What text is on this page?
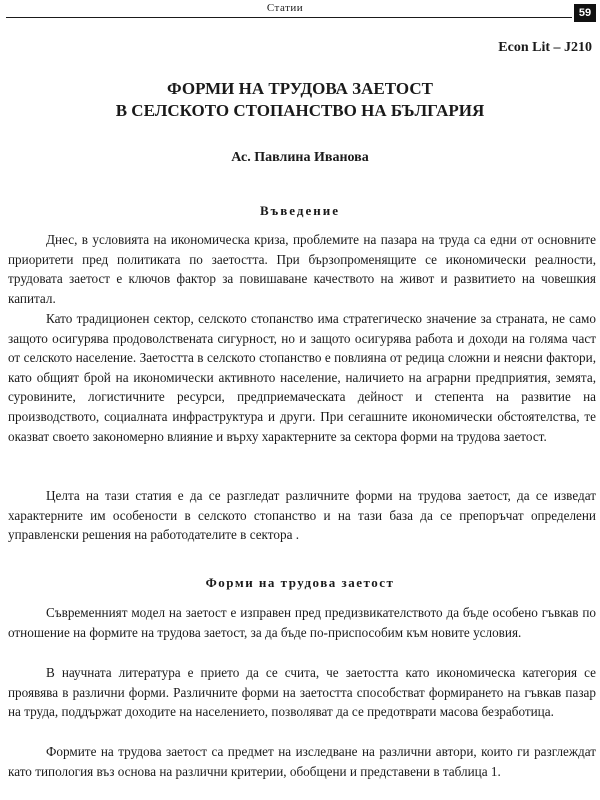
Статии	59
Econ Lit – J210
ФОРМИ НА ТРУДОВА ЗАЕТОСТ
В СЕЛСКОТО СТОПАНСТВО НА БЪЛГАРИЯ
Ас. Павлина Иванова
Въведение

Днес, в условията на икономическа криза, проблемите на пазара на труда са едни от основните приоритети пред политиката по заетостта. При бързопроменящите се икономически реалности, трудовата заетост е ключов фактор за повишаване качеството на живот и развитието на човешкия капитал.

Като традиционен сектор, селското стопанство има стратегическо значение за страната, не само защото осигурява продоволствената сигурност, но и защото осигурява работа и доходи на голяма част от селското население. Заетостта в селското стопанство е повлияна от редица сложни и неясни фактори, като общият брой на икономически активното население, наличието на аграрни предприятия, земята, суровините, логистичните ресурси, предприемаческата дейност и степента на развитие на производството, социалната инфраструктура и други. При сегашните икономически обстоятелства, те оказват своето закономерно влияние и върху характерните за сектора форми на трудова заетост.

Целта на тази статия е да се разгледат различните форми на трудова заетост, да се изведат характерните им особености в селското стопанство и на тази база да се препоръчат определени управленски решения на работодателите в сектора .

Форми на трудова заетост

Съвременният модел на заетост е изправен пред предизвикателството да бъде особено гъвкав по отношение на формите на трудова заетост, за да бъде по-приспособим към новите условия.

В научната литература е прието да се счита, че заетостта като икономическа категория се проявява в различни форми. Различните форми на заетостта способстват формирането на гъвкав пазар на труда, поддържат доходите на населението, позволяват да се предотврати масова безработица.

Формите на трудова заетост са предмет на изследване на различни автори, които ги разглеждат като типология въз основа на различни критерии, обобщени и представени в таблица 1.
